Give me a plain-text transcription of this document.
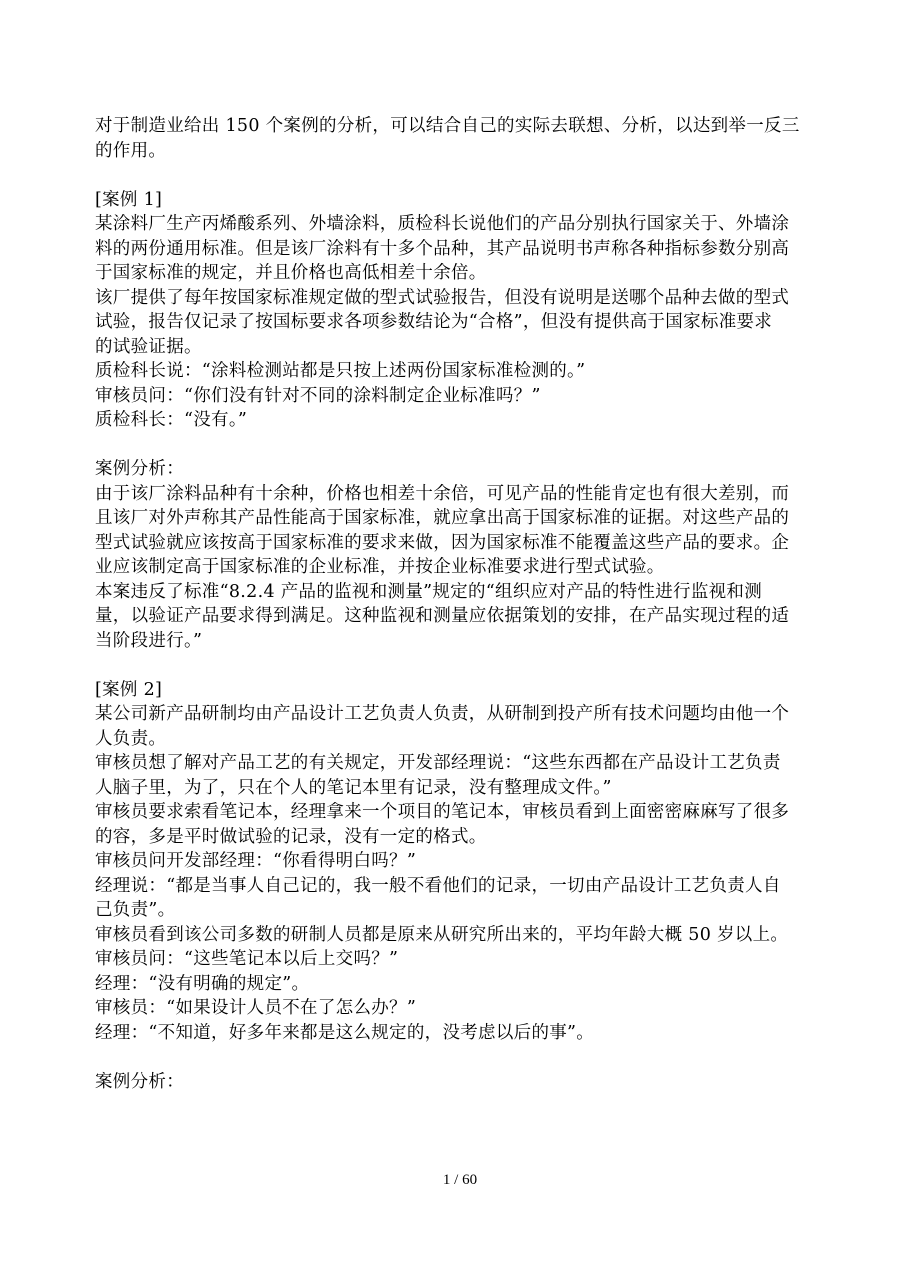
对于制造业给出 150 个案例的分析，可以结合自己的实际去联想、分析，以达到举一反三
的作用。
[案例 1]
某涂料厂生产丙烯酸系列、外墙涂料，质检科长说他们的产品分别执行国家关于、外墙涂
料的两份通用标准。但是该厂涂料有十多个品种，其产品说明书声称各种指标参数分别高
于国家标准的规定，并且价格也高低相差十余倍。
该厂提供了每年按国家标准规定做的型式试验报告，但没有说明是送哪个品种去做的型式
试验，报告仅记录了按国标要求各项参数结论为“合格”，但没有提供高于国家标准要求
的试验证据。
质检科长说：“涂料检测站都是只按上述两份国家标准检测的。”
审核员问：“你们没有针对不同的涂料制定企业标准吗？”
质检科长：“没有。”
案例分析：
由于该厂涂料品种有十余种，价格也相差十余倍，可见产品的性能肯定也有很大差别，而
且该厂对外声称其产品性能高于国家标准，就应拿出高于国家标准的证据。对这些产品的
型式试验就应该按高于国家标准的要求来做，因为国家标准不能覆盖这些产品的要求。企
业应该制定高于国家标准的企业标准，并按企业标准要求进行型式试验。
本案违反了标准“8.2.4 产品的监视和测量”规定的“组织应对产品的特性进行监视和测
量，以验证产品要求得到满足。这种监视和测量应依据策划的安排，在产品实现过程的适
当阶段进行。”
[案例 2]
某公司新产品研制均由产品设计工艺负责人负责，从研制到投产所有技术问题均由他一个
人负责。
审核员想了解对产品工艺的有关规定，开发部经理说：“这些东西都在产品设计工艺负责
人脑子里，为了，只在个人的笔记本里有记录，没有整理成文件。”
审核员要求索看笔记本，经理拿来一个项目的笔记本，审核员看到上面密密麻麻写了很多
的容，多是平时做试验的记录，没有一定的格式。
审核员问开发部经理：“你看得明白吗？”
经理说：“都是当事人自己记的，我一般不看他们的记录，一切由产品设计工艺负责人自
己负责”。
审核员看到该公司多数的研制人员都是原来从研究所出来的，平均年龄大概 50 岁以上。
审核员问：“这些笔记本以后上交吗？”
经理：“没有明确的规定”。
审核员：“如果设计人员不在了怎么办？”
经理：“不知道，好多年来都是这么规定的，没考虑以后的事”。
案例分析：
1 / 60
